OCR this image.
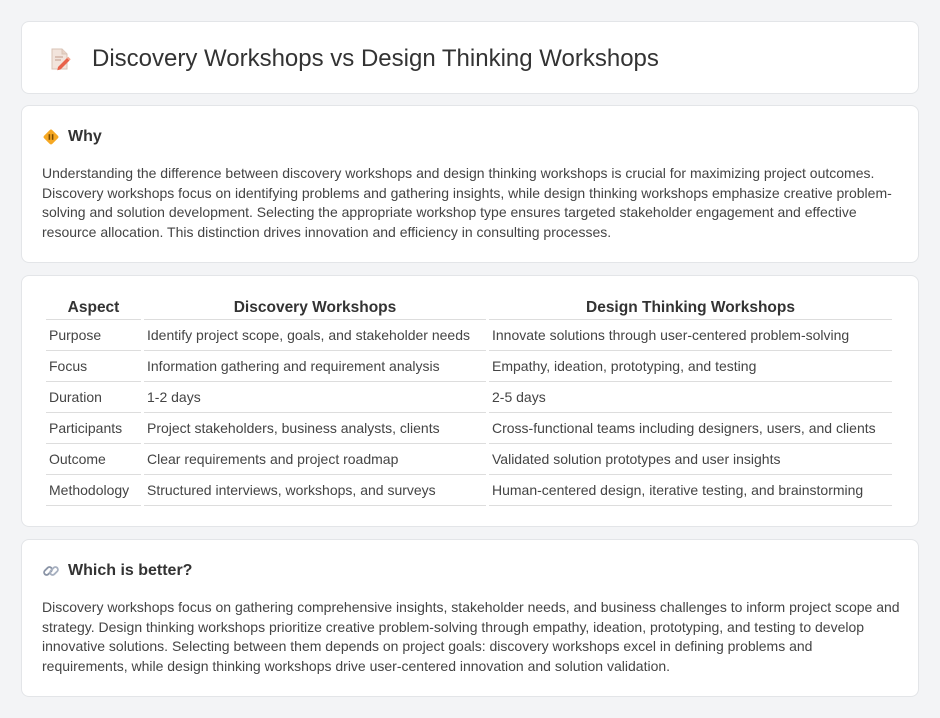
Discovery Workshops vs Design Thinking Workshops
Why

Understanding the difference between discovery workshops and design thinking workshops is crucial for maximizing project outcomes. Discovery workshops focus on identifying problems and gathering insights, while design thinking workshops emphasize creative problem-solving and solution development. Selecting the appropriate workshop type ensures targeted stakeholder engagement and effective resource allocation. This distinction drives innovation and efficiency in consulting processes.

Aspect	Discovery Workshops	Design Thinking Workshops
Purpose	Identify project scope, goals, and stakeholder needs	Innovate solutions through user-centered problem-solving
Focus	Information gathering and requirement analysis	Empathy, ideation, prototyping, and testing
Duration	1-2 days	2-5 days
Participants	Project stakeholders, business analysts, clients	Cross-functional teams including designers, users, and clients
Outcome	Clear requirements and project roadmap	Validated solution prototypes and user insights
Methodology	Structured interviews, workshops, and surveys	Human-centered design, iterative testing, and brainstorming
Which is better?

Discovery workshops focus on gathering comprehensive insights, stakeholder needs, and business challenges to inform project scope and strategy. Design thinking workshops prioritize creative problem-solving through empathy, ideation, prototyping, and testing to develop innovative solutions. Selecting between them depends on project goals: discovery workshops excel in defining problems and requirements, while design thinking workshops drive user-centered innovation and solution validation.
